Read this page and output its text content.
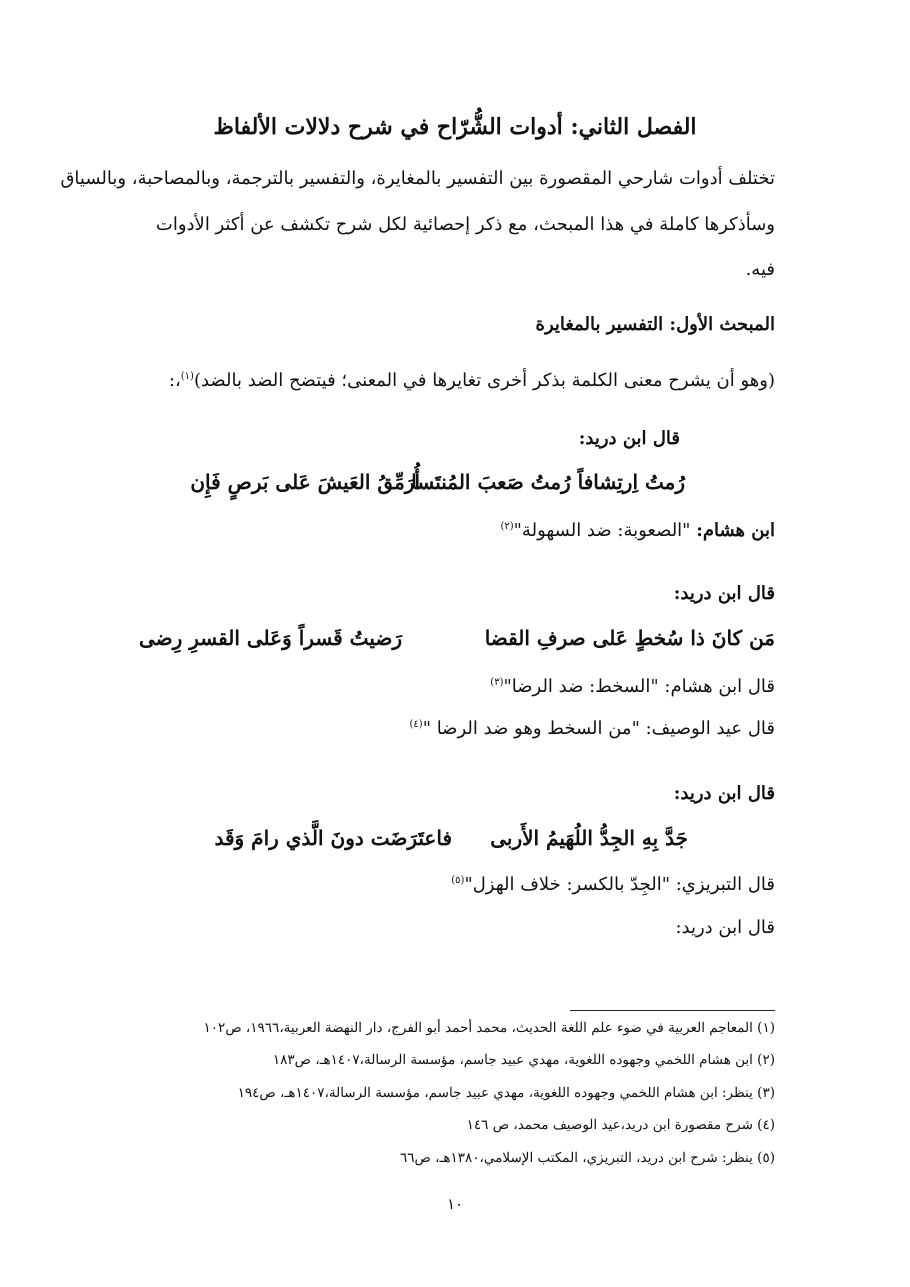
الفصل الثاني: أدوات الشُّرّاح في شرح دلالات الألفاظ
تختلف أدوات شارحي المقصورة بين التفسير بالمغايرة، والتفسير بالترجمة، وبالمصاحبة، وبالسياق
وسأذكرها كاملة في هذا المبحث، مع ذكر إحصائية لكل شرح تكشف عن أكثر الأدوات
فيه.
المبحث الأول: التفسير بالمغايرة
(وهو أن يشرح معنى الكلمة بذكر أخرى تغايرها في المعنى؛ فيتضح الضد بالضد)$^{(١)}$،:
قال ابن دريد:
أُرَمِّقُ العَيشَ عَلى بَرصٍ فَإِن
رُمتُ اِرتِشافاً رُمتُ صَعبَ المُنتَسا
ابن هشام: "الصعوبة: ضد السهولة"$^{(٢)}$
قال ابن دريد:
رَضيتُ قَسراً وَعَلى القسرِ رِضى	مَن كانَ ذا سُخطٍ عَلى صرفِ القضا
قال ابن هشام: "السخط: ضد الرضا"$^{(٣)}$
قال عيد الوصيف: "من السخط وهو ضد الرضا "$^{(٤)}$
قال ابن دريد:
فاعتَرَضَت دونَ الَّذي رامَ وَقَد جَدَّ بِهِ الجِدُّ اللُهَيمُ الأَربى
قال التبريزي: "الجِدّ بالكسر: خلاف الهزل"$^{(٥)}$
قال ابن دريد:
(١) المعاجم العربية في ضوء علم اللغة الحديث، محمد أحمد أبو الفرج، دار النهضة العربية،١٩٦٦، ص١٠٢
(٢) ابن هشام اللخمي وجهوده اللغوية، مهدي عبيد جاسم، مؤسسة الرسالة،١٤٠٧هـ، ص١٨٣
(٣) ينظر: ابن هشام اللخمي وجهوده اللغوية، مهدي عبيد جاسم، مؤسسة الرسالة،١٤٠٧هـ، ص١٩٤
(٤) شرح مقصورة ابن دريد،عيد الوصيف محمد، ص ١٤٦
(٥) ينظر: شرح ابن دريد، التبريزي، المكتب الإسلامي،١٣٨٠هـ، ص٦٦
١٠
